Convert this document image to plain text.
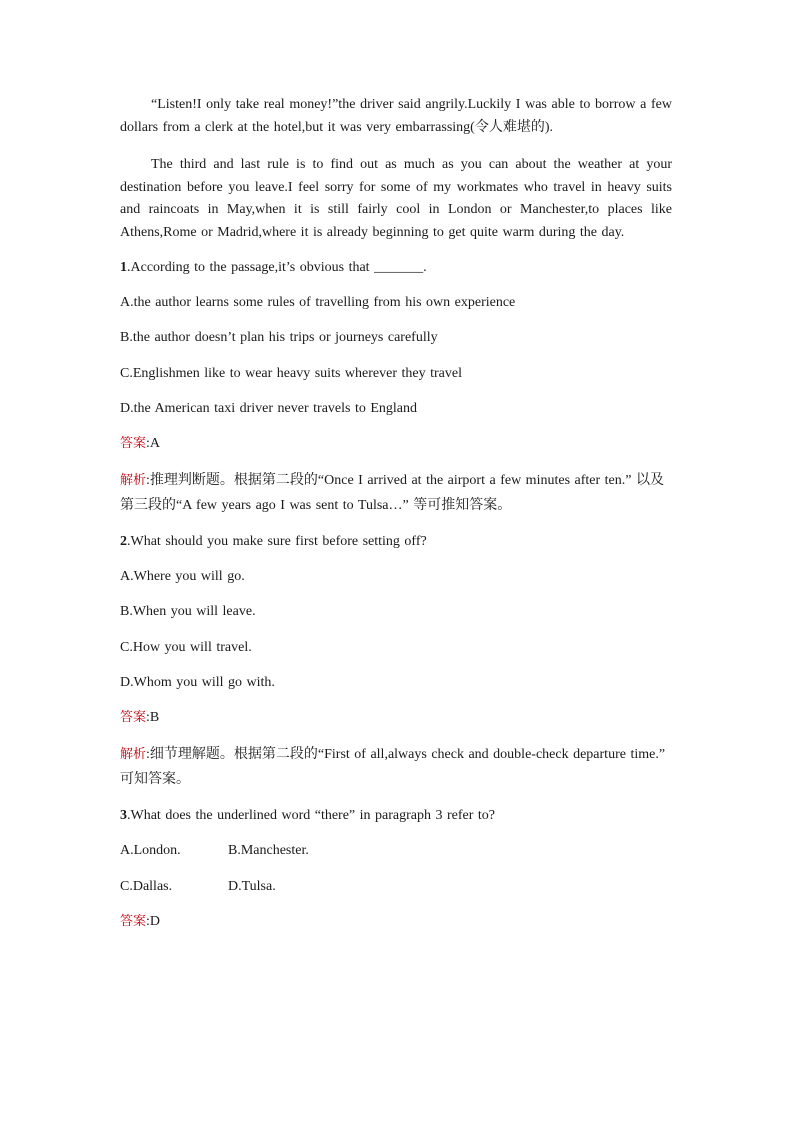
“Listen!I only take real money!”the driver said angrily.Luckily I was able to borrow a few dollars from a clerk at the hotel,but it was very embarrassing(令人难堪的).

The third and last rule is to find out as much as you can about the weather at your destination before you leave.I feel sorry for some of my workmates who travel in heavy suits and raincoats in May,when it is still fairly cool in London or Manchester,to places like Athens,Rome or Madrid,where it is already beginning to get quite warm during the day.

1.According to the passage,it’s obvious that _______.

A.the author learns some rules of travelling from his own experience

B.the author doesn’t plan his trips or journeys carefully

C.Englishmen like to wear heavy suits wherever they travel

D.the American taxi driver never travels to England

答案:A

解析:推理判断题。根据第二段的“Once I arrived at the airport a few minutes after ten.” 以及第三段的“A few years ago I was sent to Tulsa…” 等可推知答案。

2.What should you make sure first before setting off?

A.Where you will go.

B.When you will leave.

C.How you will travel.

D.Whom you will go with.

答案:B

解析:细节理解题。根据第二段的“First of all,always check and double-check departure time.” 可知答案。

3.What does the underlined word “there” in paragraph 3 refer to?

A.London.	B.Manchester.
C.Dallas.	D.Tulsa.

答案:D
